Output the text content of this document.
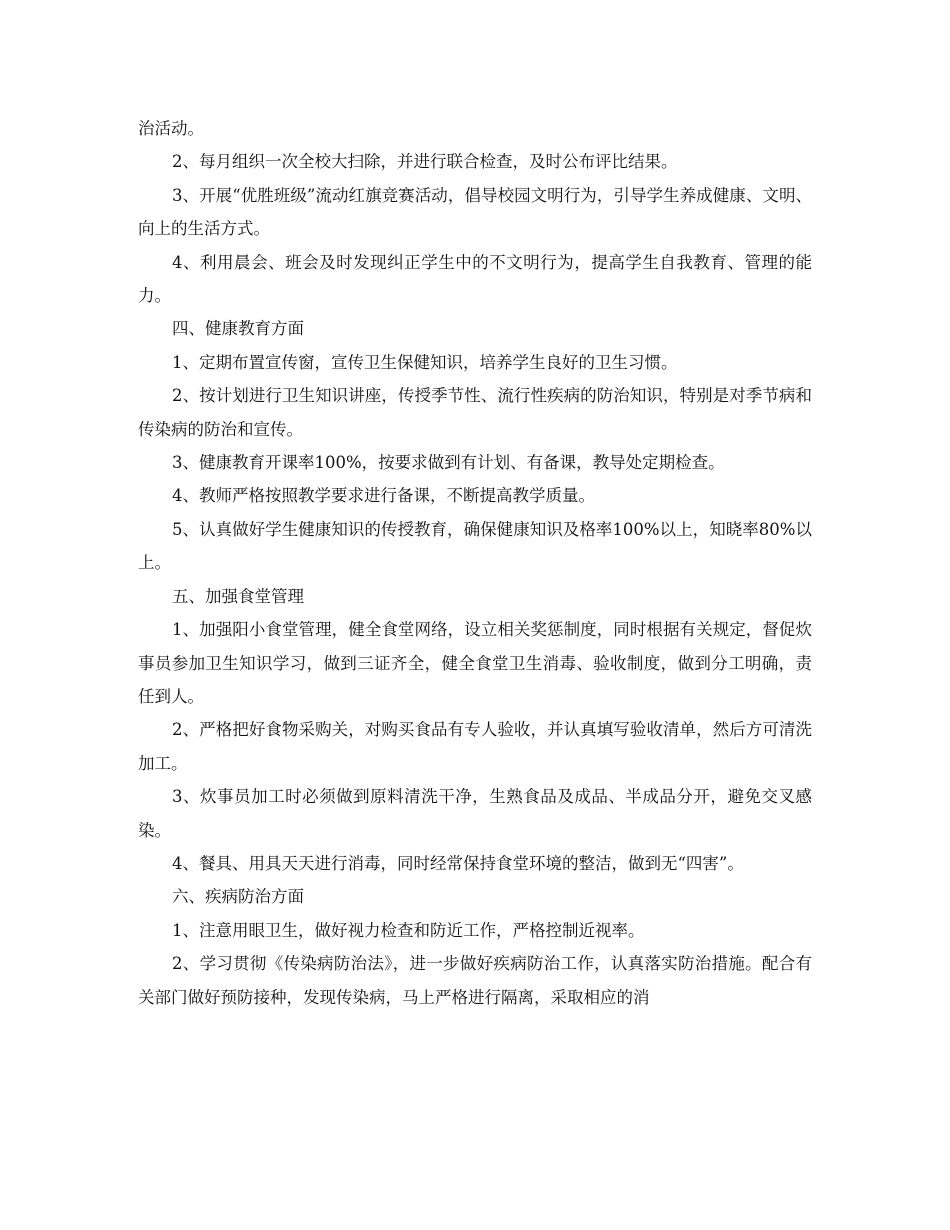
治活动。

2、每月组织一次全校大扫除，并进行联合检查，及时公布评比结果。

3、开展“优胜班级”流动红旗竞赛活动，倡导校园文明行为，引导学生养成健康、文明、向上的生活方式。

4、利用晨会、班会及时发现纠正学生中的不文明行为，提高学生自我教育、管理的能力。

四、健康教育方面

1、定期布置宣传窗，宣传卫生保健知识，培养学生良好的卫生习惯。

2、按计划进行卫生知识讲座，传授季节性、流行性疾病的防治知识，特别是对季节病和传染病的防治和宣传。

3、健康教育开课率100%，按要求做到有计划、有备课，教导处定期检查。

4、教师严格按照教学要求进行备课，不断提高教学质量。

5、认真做好学生健康知识的传授教育，确保健康知识及格率100%以上，知晓率80%以上。

五、加强食堂管理

1、加强阳小食堂管理，健全食堂网络，设立相关奖惩制度，同时根据有关规定，督促炊事员参加卫生知识学习，做到三证齐全，健全食堂卫生消毒、验收制度，做到分工明确，责任到人。

2、严格把好食物采购关，对购买食品有专人验收，并认真填写验收清单，然后方可清洗加工。

3、炊事员加工时必须做到原料清洗干净，生熟食品及成品、半成品分开，避免交叉感染。

4、餐具、用具天天进行消毒，同时经常保持食堂环境的整洁，做到无“四害”。

六、疾病防治方面

1、注意用眼卫生，做好视力检查和防近工作，严格控制近视率。

2、学习贯彻《传染病防治法》，进一步做好疾病防治工作，认真落实防治措施。配合有关部门做好预防接种，发现传染病，马上严格进行隔离，采取相应的消
